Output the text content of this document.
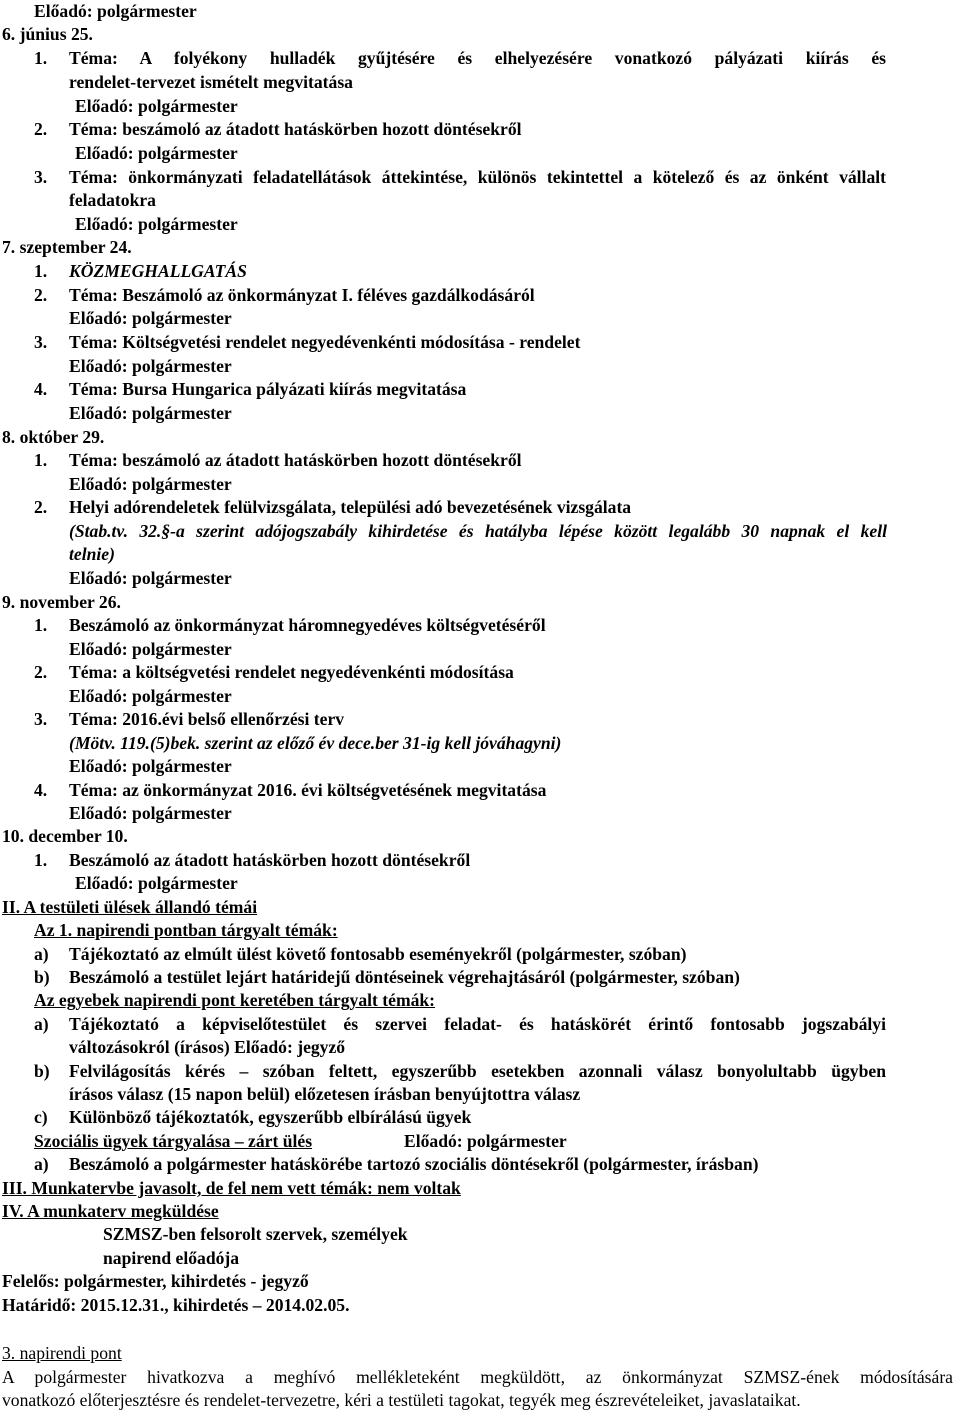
Előadó: polgármester
6. június 25.
1. Téma: A folyékony hulladék gyűjtésére és elhelyezésére vonatkozó pályázati kiírás és
rendelet-tervezet ismételt megvitatása
Előadó: polgármester
2. Téma: beszámoló az átadott hatáskörben hozott döntésekről
Előadó: polgármester
3. Téma: önkormányzati feladatellátások áttekintése, különös tekintettel a kötelező és az önként vállalt
feladatokra
Előadó: polgármester
7. szeptember 24.
1. KÖZMEGHALLGATÁS
2. Téma: Beszámoló az önkormányzat I. féléves gazdálkodásáról
Előadó: polgármester
3. Téma: Költségvetési rendelet negyedévenkénti módosítása - rendelet
Előadó: polgármester
4. Téma: Bursa Hungarica pályázati kiírás megvitatása
Előadó: polgármester
8. október 29.
1. Téma: beszámoló az átadott hatáskörben hozott döntésekről
Előadó: polgármester
2. Helyi adórendeletek felülvizsgálata, települési adó bevezetésének vizsgálata
(Stab.tv. 32.§-a szerint adójogszabály kihirdetése és hatályba lépése között legalább 30 napnak el kell
telnie)
Előadó: polgármester
9. november 26.
1. Beszámoló az önkormányzat háromnegyedéves költségvetéséről
Előadó: polgármester
2. Téma: a költségvetési rendelet negyedévenkénti módosítása
Előadó: polgármester
3. Téma: 2016.évi belső ellenőrzési terv
(Mötv. 119.(5)bek. szerint az előző év dece.ber 31-ig kell jóváhagyni)
Előadó: polgármester
4. Téma: az önkormányzat 2016. évi költségvetésének megvitatása
Előadó: polgármester
10. december 10.
1. Beszámoló az átadott hatáskörben hozott döntésekről
Előadó: polgármester
II. A testületi ülések állandó témái
Az 1. napirendi pontban tárgyalt témák:
a) Tájékoztató az elmúlt ülést követő fontosabb eseményekről (polgármester, szóban)
b) Beszámoló a testület lejárt határidejű döntéseinek végrehajtásáról (polgármester, szóban)
Az egyebek napirendi pont keretében tárgyalt témák:
a) Tájékoztató a képviselőtestület és szervei feladat- és hatáskörét érintő fontosabb jogszabályi
változásokról (írásos) Előadó: jegyző
b) Felvilágosítás kérés – szóban feltett, egyszerűbb esetekben azonnali válasz bonyolultabb ügyben
írásos válasz (15 napon belül) előzetesen írásban benyújtottra válasz
c) Különböző tájékoztatók, egyszerűbb elbírálású ügyek
Szociális ügyek tárgyalása – zárt ülés	Előadó: polgármester
a) Beszámoló a polgármester hatáskörébe tartozó szociális döntésekről (polgármester, írásban)
III. Munkatervbe javasolt, de fel nem vett témák: nem voltak
IV. A munkaterv megküldése
SZMSZ-ben felsorolt szervek, személyek
napirend előadója
Felelős: polgármester, kihirdetés - jegyző
Határidő: 2015.12.31., kihirdetés – 2014.02.05.
3. napirendi pont
A polgármester hivatkozva a meghívó mellékleteként megküldött, az önkormányzat SZMSZ-ének módosítására
vonatkozó előterjesztésre és rendelet-tervezetre, kéri a testületi tagokat, tegyék meg észrevételeiket, javaslataikat.
